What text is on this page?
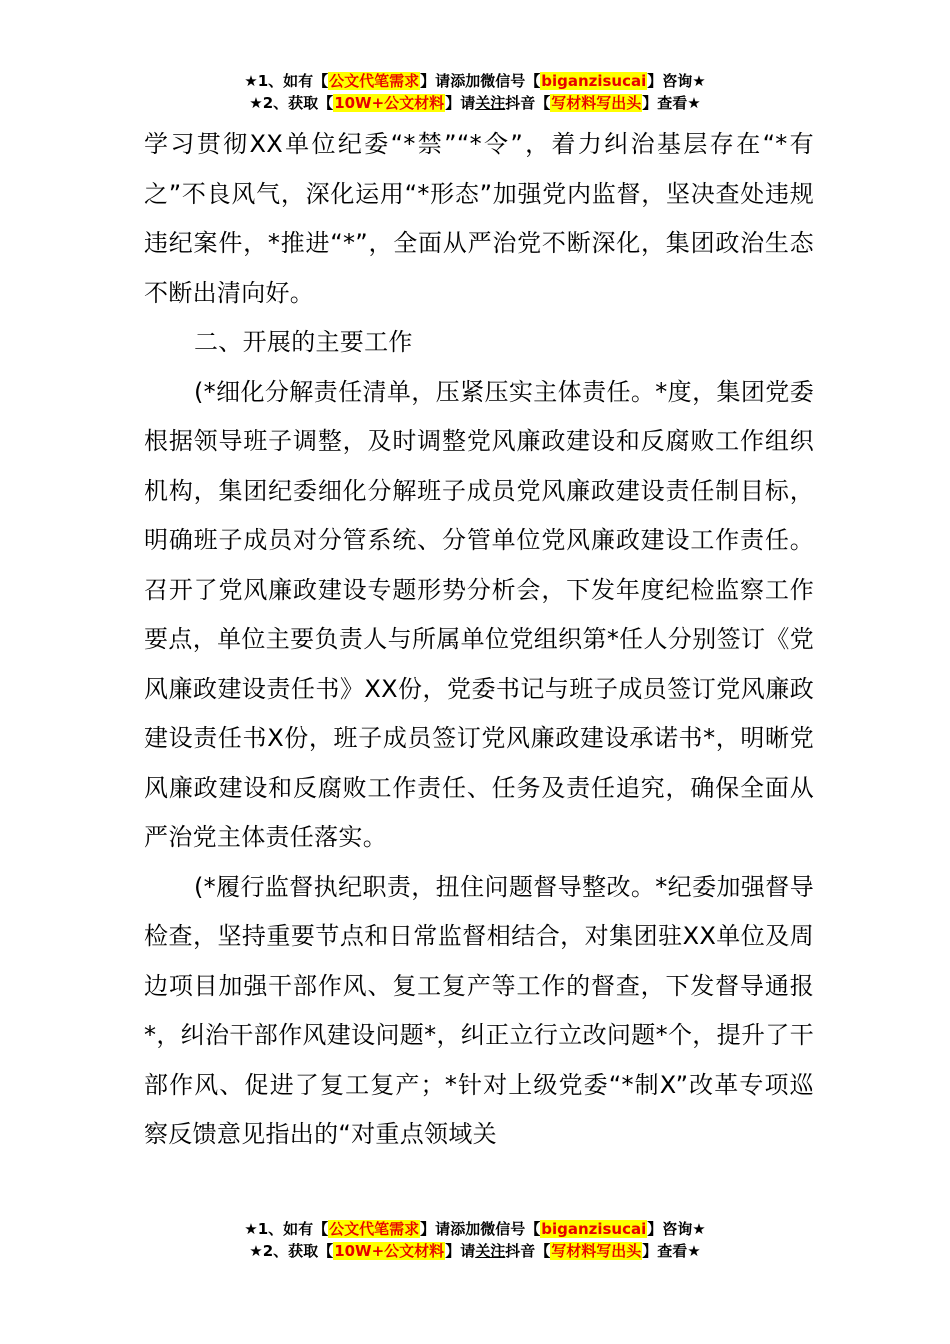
★1、如有【公文代笔需求】请添加微信号【biganzisucai】咨询★
★2、获取【10W+公文材料】请关注抖音【写材料写出头】查看★

学习贯彻XX单位纪委“*禁”“*令”，着力纠治基层存在“*有之”不良风气，深化运用“*形态”加强党内监督，坚决查处违规违纪案件，*推进“*”，全面从严治党不断深化，集团政治生态不断出清向好。

二、开展的主要工作

(*细化分解责任清单，压紧压实主体责任。*度，集团党委根据领导班子调整，及时调整党风廉政建设和反腐败工作组织机构，集团纪委细化分解班子成员党风廉政建设责任制目标，明确班子成员对分管系统、分管单位党风廉政建设工作责任。召开了党风廉政建设专题形势分析会，下发年度纪检监察工作要点，单位主要负责人与所属单位党组织第*任人分别签订《党风廉政建设责任书》XX份，党委书记与班子成员签订党风廉政建设责任书X份，班子成员签订党风廉政建设承诺书*，明晰党风廉政建设和反腐败工作责任、任务及责任追究，确保全面从严治党主体责任落实。

(*履行监督执纪职责，扭住问题督导整改。*纪委加强督导检查，坚持重要节点和日常监督相结合，对集团驻XX单位及周边项目加强干部作风、复工复产等工作的督查，下发督导通报*，纠治干部作风建设问题*，纠正立行立改问题*个，提升了干部作风、促进了复工复产；*针对上级党委“*制X”改革专项巡察反馈意见指出的“对重点领域关

★1、如有【公文代笔需求】请添加微信号【biganzisucai】咨询★
★2、获取【10W+公文材料】请关注抖音【写材料写出头】查看★
